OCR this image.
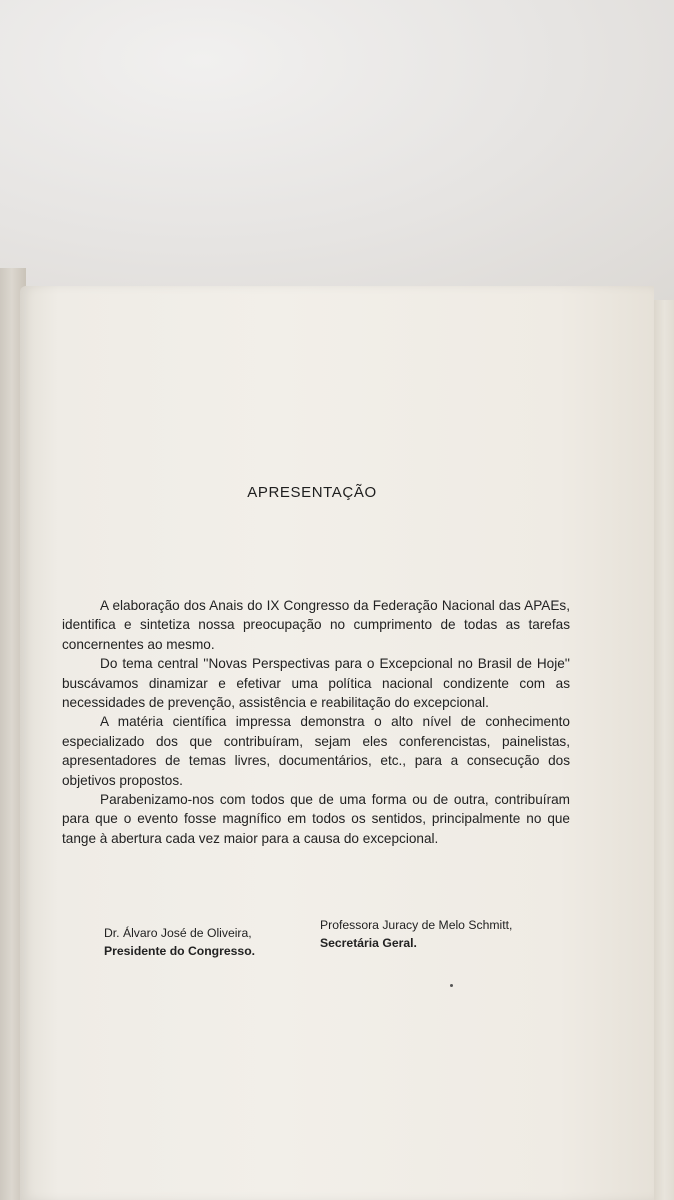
APRESENTAÇÃO

A elaboração dos Anais do IX Congresso da Federação Nacional das APAEs, identifica e sintetiza nossa preocupação no cumprimento de todas as tarefas concernentes ao mesmo.

Do tema central ''Novas Perspectivas para o Excepcional no Brasil de Hoje'' buscávamos dinamizar e efetivar uma política nacional condizente com as necessidades de prevenção, assistência e reabilitação do excepcional.

A matéria científica impressa demonstra o alto nível de conhecimento especializado dos que contribuíram, sejam eles conferencistas, painelistas, apresentadores de temas livres, documentários, etc., para a consecução dos objetivos propostos.

Parabenizamo-nos com todos que de uma forma ou de outra, contribuíram para que o evento fosse magnífico em todos os sentidos, principalmente no que tange à abertura cada vez maior para a causa do excepcional.

Dr. Álvaro José de Oliveira,
Presidente do Congresso.
Professora Juracy de Melo Schmitt,
Secretária Geral.
